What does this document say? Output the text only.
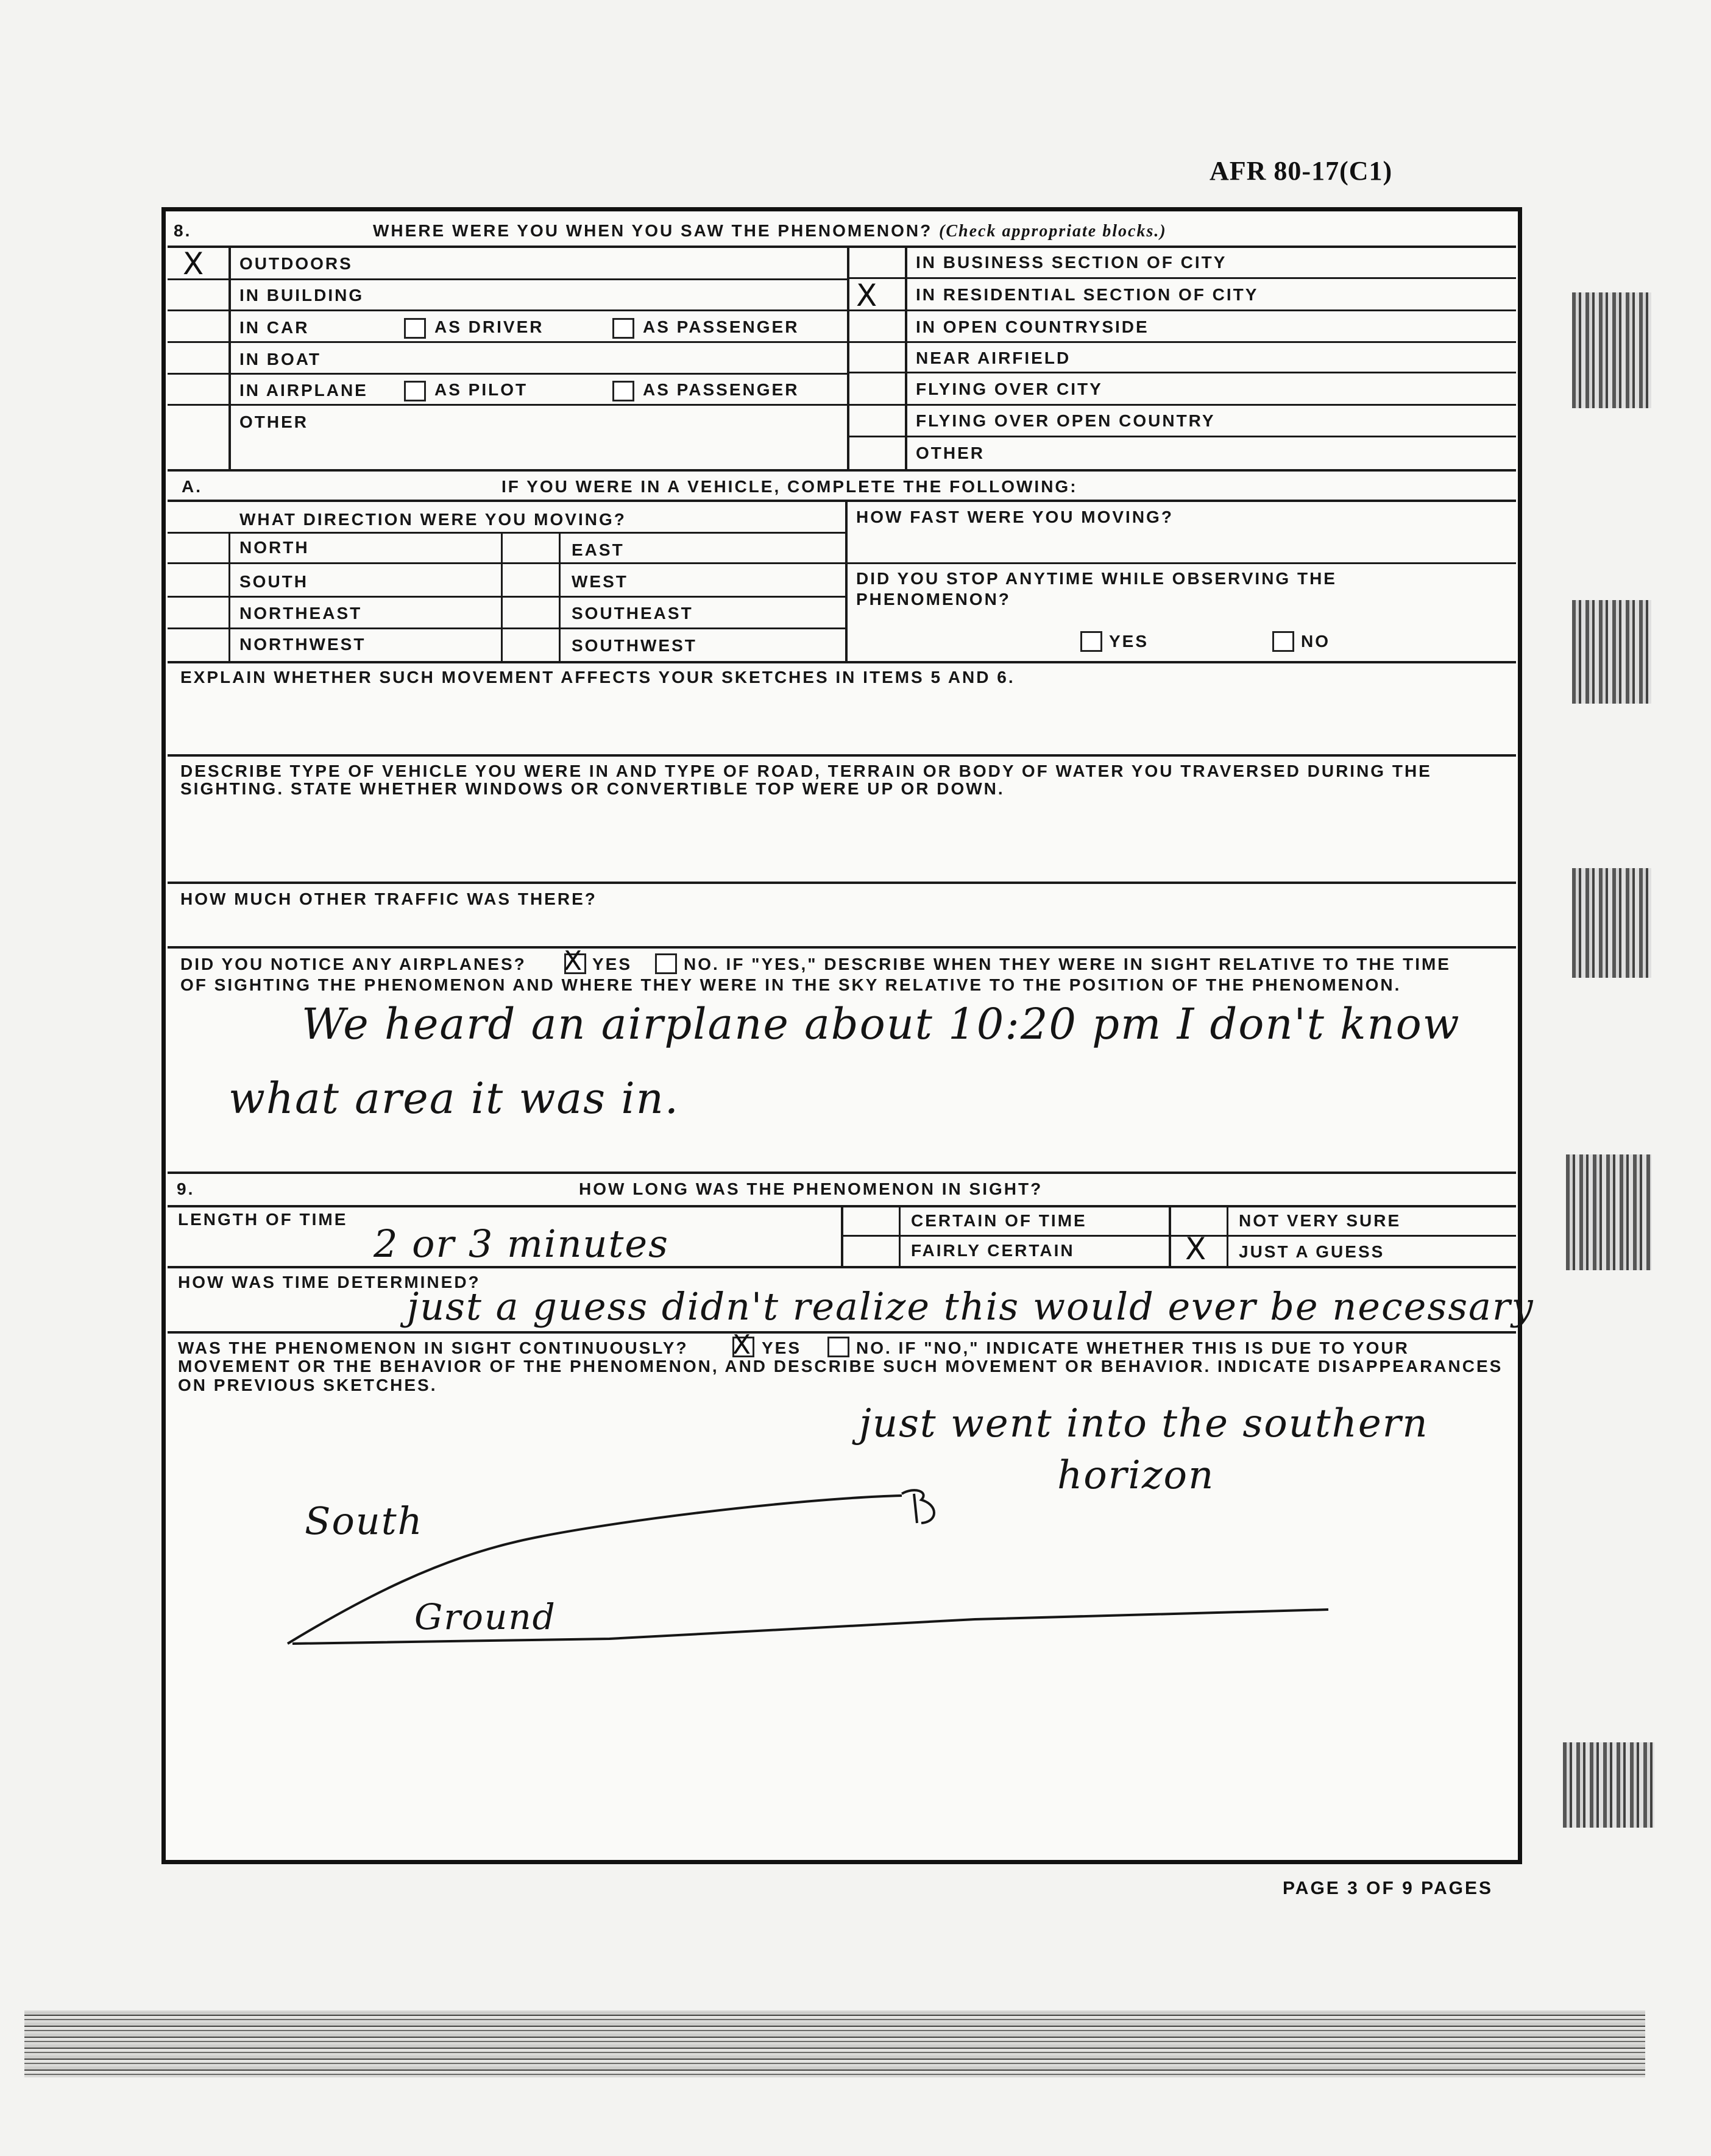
AFR 80-17(C1)
PAGE 3 OF 9 PAGES
8.	WHERE WERE YOU WHEN YOU SAW THE PHENOMENON? (Check appropriate blocks.)
X OUTDOORS
IN BUILDING
IN CAR	AS DRIVER	AS PASSENGER
IN BOAT
IN AIRPLANE	AS PILOT	AS PASSENGER
OTHER
IN BUSINESS SECTION OF CITY
X IN RESIDENTIAL SECTION OF CITY
IN OPEN COUNTRYSIDE
NEAR AIRFIELD
FLYING OVER CITY
FLYING OVER OPEN COUNTRY
OTHER
A.	IF YOU WERE IN A VEHICLE, COMPLETE THE FOLLOWING:
WHAT DIRECTION WERE YOU MOVING?
NORTH	EAST
SOUTH	WEST
NORTHEAST	SOUTHEAST
NORTHWEST	SOUTHWEST
HOW FAST WERE YOU MOVING?
DID YOU STOP ANYTIME WHILE OBSERVING THE PHENOMENON?
YES	NO
EXPLAIN WHETHER SUCH MOVEMENT AFFECTS YOUR SKETCHES IN ITEMS 5 AND 6.
DESCRIBE TYPE OF VEHICLE YOU WERE IN AND TYPE OF ROAD, TERRAIN OR BODY OF WATER YOU TRAVERSED DURING THE SIGHTING. STATE WHETHER WINDOWS OR CONVERTIBLE TOP WERE UP OR DOWN.
HOW MUCH OTHER TRAFFIC WAS THERE?
DID YOU NOTICE ANY AIRPLANES? X YES	NO. IF "YES," DESCRIBE WHEN THEY WERE IN SIGHT RELATIVE TO THE TIME
OF SIGHTING THE PHENOMENON AND WHERE THEY WERE IN THE SKY RELATIVE TO THE POSITION OF THE PHENOMENON.
We heard an airplane about 10:20 pm I don't know
what area it was in.
9.	HOW LONG WAS THE PHENOMENON IN SIGHT?
LENGTH OF TIME
2 or 3 minutes
CERTAIN OF TIME
FAIRLY CERTAIN
NOT VERY SURE
X JUST A GUESS
HOW WAS TIME DETERMINED?
just a guess didn't realize this would ever be necessary
WAS THE PHENOMENON IN SIGHT CONTINUOUSLY? X YES	NO. IF "NO," INDICATE WHETHER THIS IS DUE TO YOUR
MOVEMENT OR THE BEHAVIOR OF THE PHENOMENON, AND DESCRIBE SUCH MOVEMENT OR BEHAVIOR. INDICATE DISAPPEARANCES ON PREVIOUS SKETCHES.
just went into the southern
horizon
South
Ground
